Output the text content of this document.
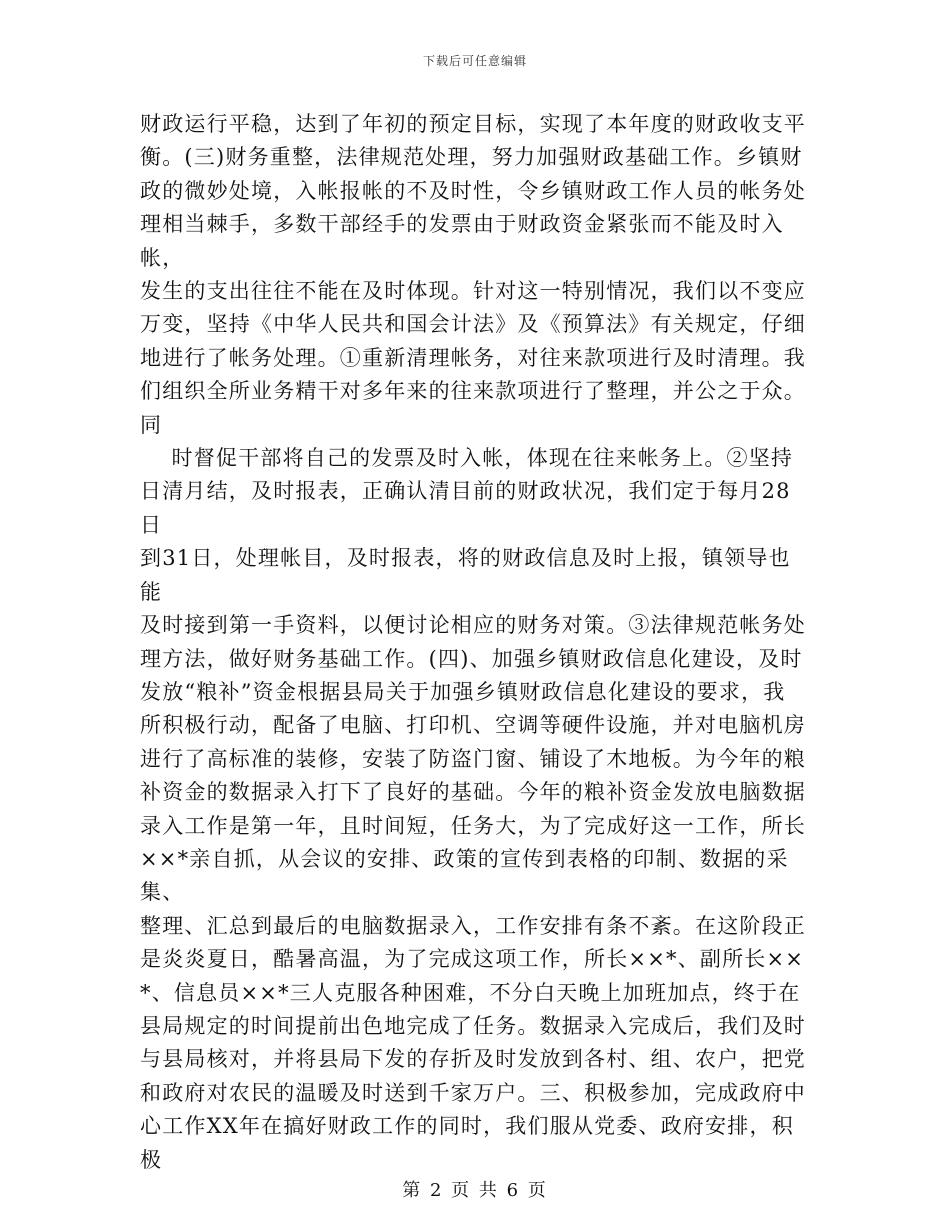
下载后可任意编辑
财政运行平稳，达到了年初的预定目标，实现了本年度的财政收支平
衡。(三)财务重整，法律规范处理，努力加强财政基础工作。乡镇财
政的微妙处境，入帐报帐的不及时性，令乡镇财政工作人员的帐务处
理相当棘手，多数干部经手的发票由于财政资金紧张而不能及时入帐，
发生的支出往往不能在及时体现。针对这一特别情况，我们以不变应
万变，坚持《中华人民共和国会计法》及《预算法》有关规定，仔细
地进行了帐务处理。①重新清理帐务，对往来款项进行及时清理。我
们组织全所业务精干对多年来的往来款项进行了整理，并公之于众。
同
时督促干部将自己的发票及时入帐，体现在往来帐务上。②坚持
日清月结，及时报表，正确认清目前的财政状况，我们定于每月28日
到31日，处理帐目，及时报表，将的财政信息及时上报，镇领导也能
及时接到第一手资料，以便讨论相应的财务对策。③法律规范帐务处
理方法，做好财务基础工作。(四)、加强乡镇财政信息化建设，及时
发放“粮补”资金根据县局关于加强乡镇财政信息化建设的要求，我
所积极行动，配备了电脑、打印机、空调等硬件设施，并对电脑机房
进行了高标准的装修，安装了防盗门窗、铺设了木地板。为今年的粮
补资金的数据录入打下了良好的基础。今年的粮补资金发放电脑数据
录入工作是第一年，且时间短，任务大，为了完成好这一工作，所长
××*亲自抓，从会议的安排、政策的宣传到表格的印制、数据的采集、
整理、汇总到最后的电脑数据录入，工作安排有条不紊。在这阶段正
是炎炎夏日，酷暑高温，为了完成这项工作，所长××*、副所长××
*、信息员××*三人克服各种困难，不分白天晚上加班加点，终于在
县局规定的时间提前出色地完成了任务。数据录入完成后，我们及时
与县局核对，并将县局下发的存折及时发放到各村、组、农户，把党
和政府对农民的温暖及时送到千家万户。三、积极参加，完成政府中
心工作XX年在搞好财政工作的同时，我们服从党委、政府安排，积极
第 2 页 共 6 页
